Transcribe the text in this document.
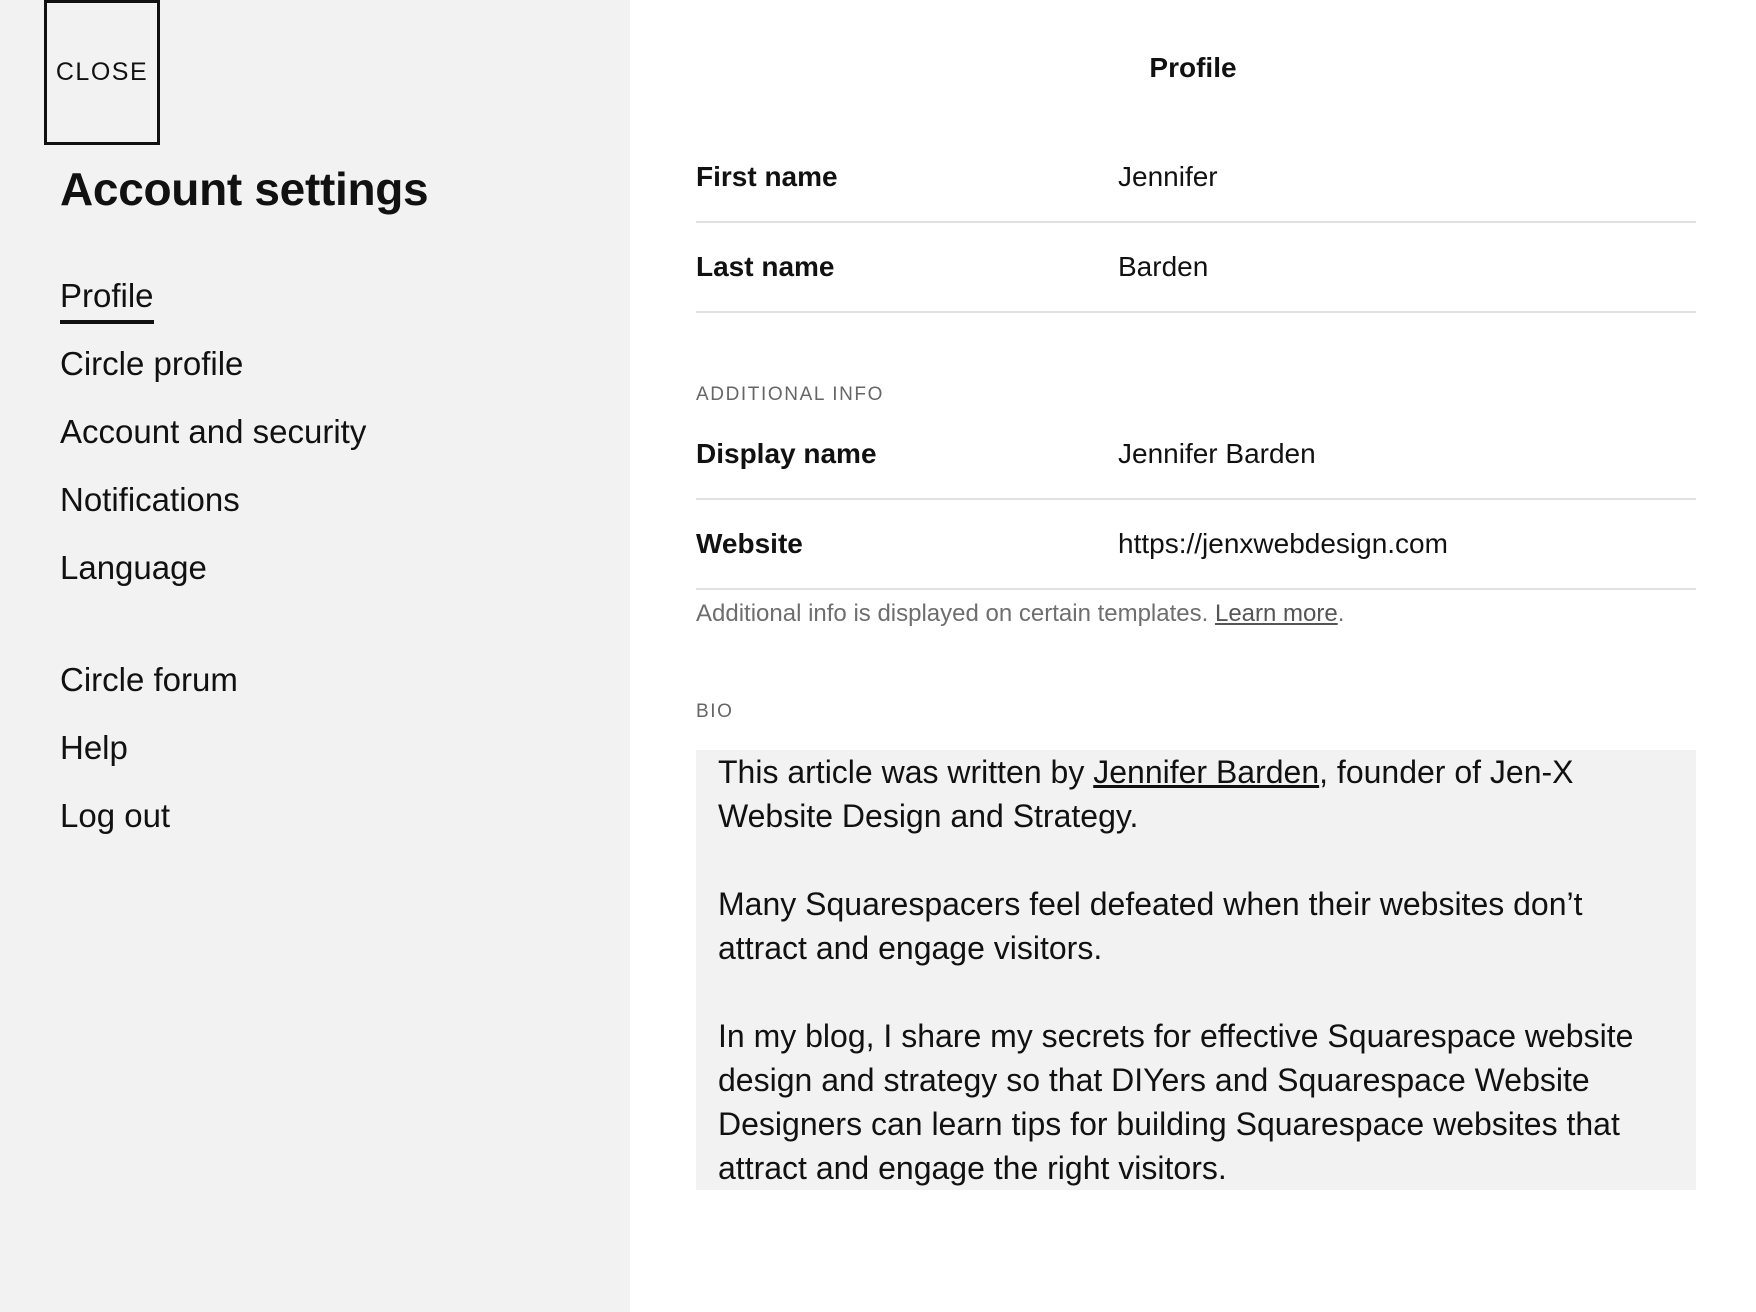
CLOSE
Account settings
Profile
Circle profile
Account and security
Notifications
Language
Circle forum
Help
Log out
Profile
First name	Jennifer
Last name	Barden
ADDITIONAL INFO
Display name	Jennifer Barden
Website	https://jenxwebdesign.com
Additional info is displayed on certain templates. Learn more.
BIO

This article was written by Jennifer Barden, founder of Jen-X Website Design and Strategy.

Many Squarespacers feel defeated when their websites don’t attract and engage visitors.

In my blog, I share my secrets for effective Squarespace website design and strategy so that DIYers and Squarespace Website Designers can learn tips for building Squarespace websites that attract and engage the right visitors.
